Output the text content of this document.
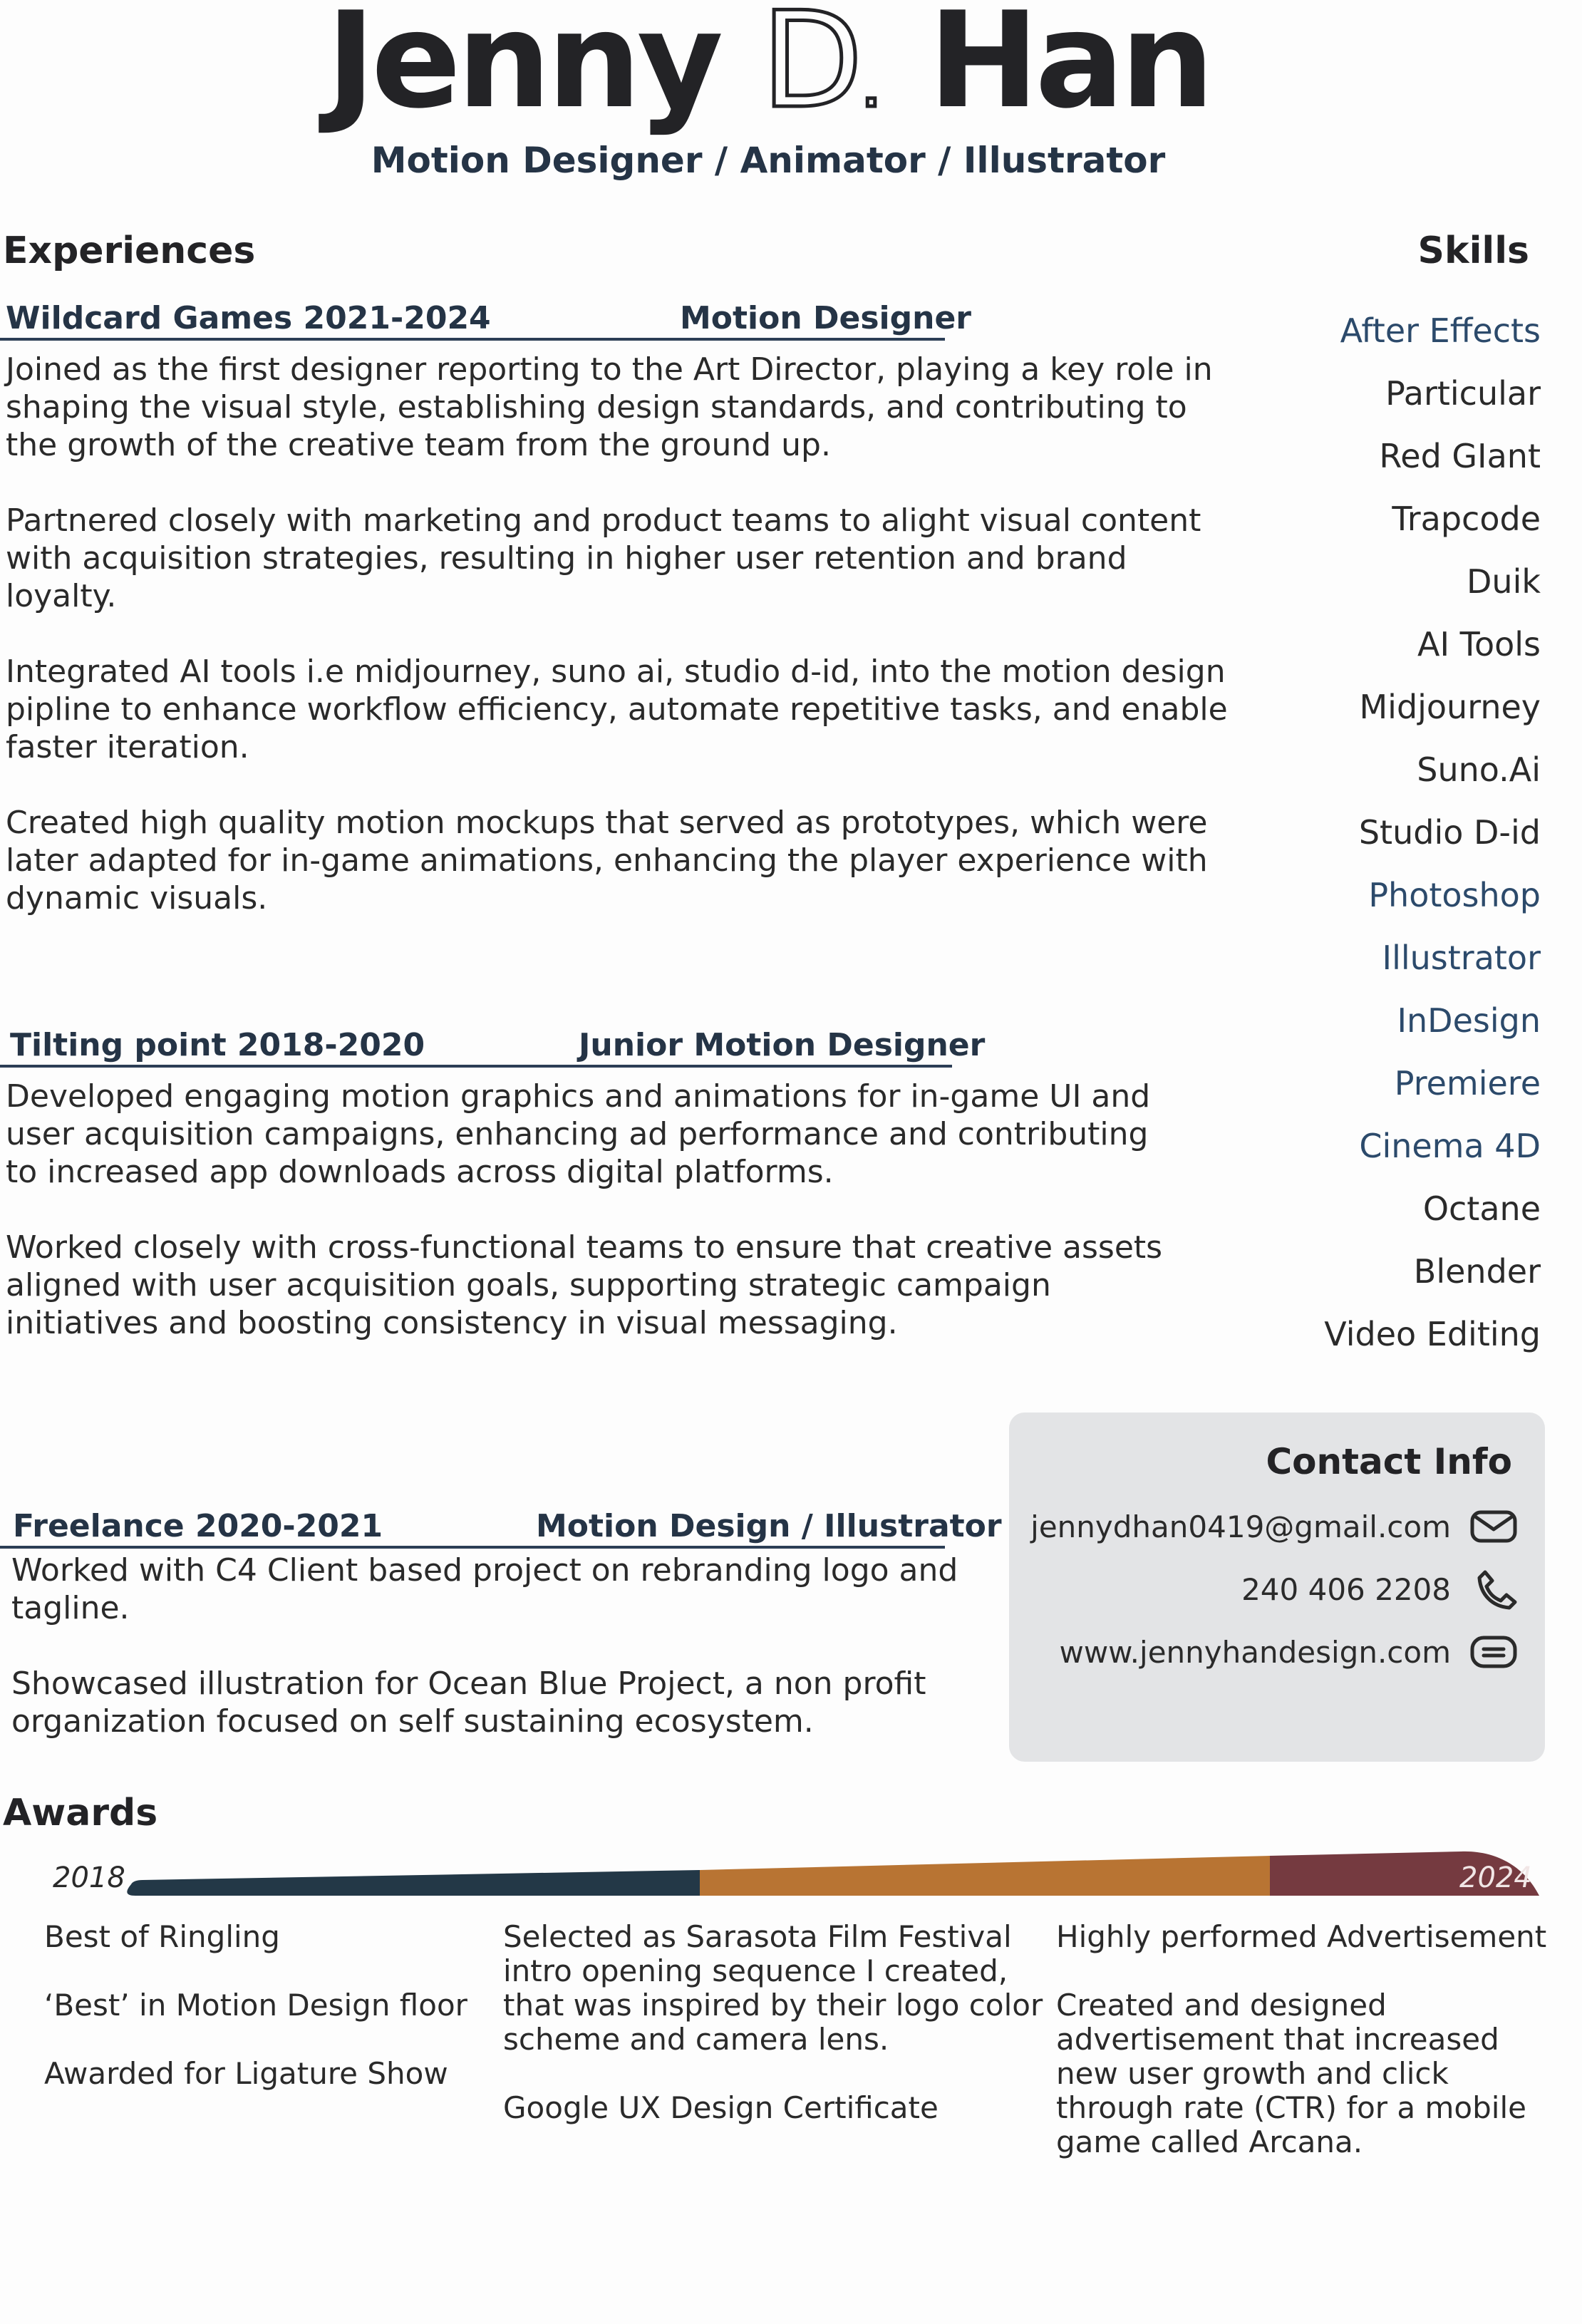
Jenny D. Han
Motion Designer / Animator / Illustrator
Experiences
Wildcard Games 2021-2024	Motion Designer

Joined as the first designer reporting to the Art Director, playing a key role in shaping the visual style, establishing design standards, and contributing to the growth of the creative team from the ground up.

Partnered closely with marketing and product teams to alight visual content with acquisition strategies, resulting in higher user retention and brand loyalty.

Integrated AI tools i.e midjourney, suno ai, studio d-id, into the motion design pipline to enhance workflow efficiency, automate repetitive tasks, and enable faster iteration.

Created high quality motion mockups that served as prototypes, which were later adapted for in-game animations, enhancing the player experience with dynamic visuals.

Tilting point 2018-2020	Junior Motion Designer

Developed engaging motion graphics and animations for in-game UI and user acquisition campaigns, enhancing ad performance and contributing to increased app downloads across digital platforms.

Worked closely with cross-functional teams to ensure that creative assets aligned with user acquisition goals, supporting strategic campaign initiatives and boosting consistency in visual messaging.

Freelance 2020-2021	Motion Design / Illustrator

Worked with C4 Client based project on rebranding logo and tagline.

Showcased illustration for Ocean Blue Project, a non profit organization focused on self sustaining ecosystem.

Skills
After Effects
Particular
Red GIant
Trapcode
Duik
AI Tools
Midjourney
Suno.Ai
Studio D-id
Photoshop
Illustrator
InDesign
Premiere
Cinema 4D
Octane
Blender
Video Editing
Contact Info
jennydhan0419@gmail.com
240 406 2208
www.jennyhandesign.com
Awards
2018	2024

Best of Ringling

‘Best’ in Motion Design floor

Awarded for Ligature Show

Selected as Sarasota Film Festival intro opening sequence I created, that was inspired by their logo color scheme and camera lens.

Google UX Design Certificate

Highly performed Advertisement

Created and designed advertisement that increased new user growth and click through rate (CTR) for a mobile game called Arcana.
